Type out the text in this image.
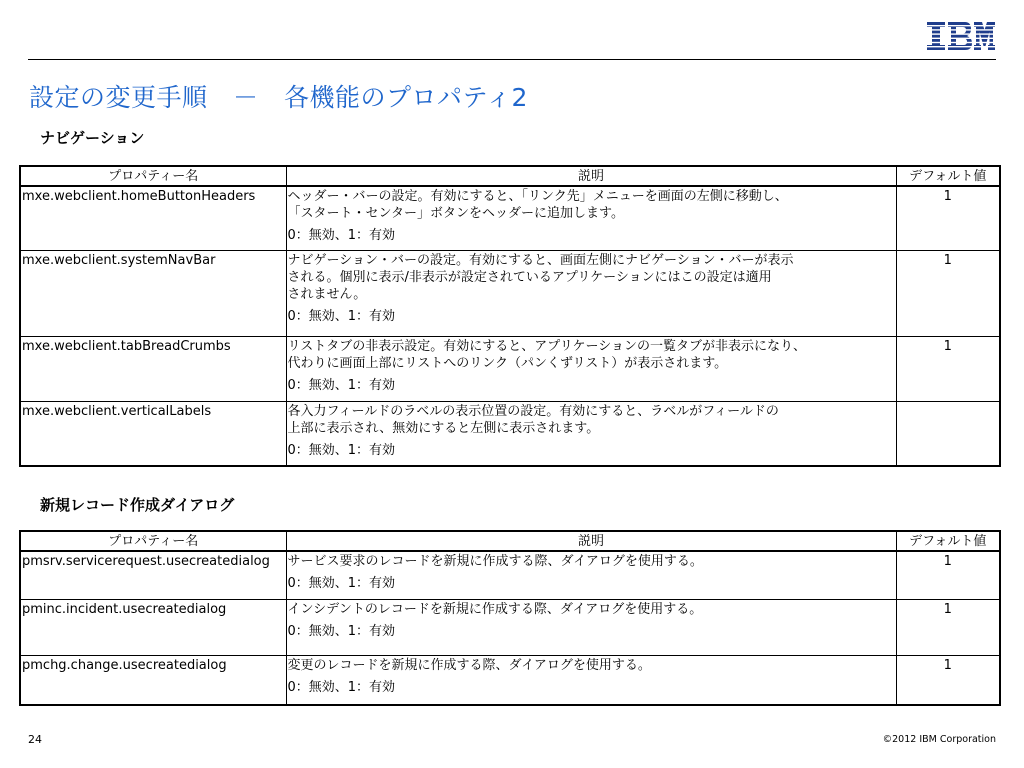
設定の変更手順　－　各機能のプロパティ2
ナビゲーション
プロパティー名	説明	デフォルト値
mxe.webclient.homeButtonHeaders	ヘッダー・バーの設定。有効にすると、「リンク先」メニューを画面の左側に移動し、
「スタート・センター」ボタンをヘッダーに追加します。
0：無効、1：有効	1
mxe.webclient.systemNavBar	ナビゲーション・バーの設定。有効にすると、画面左側にナビゲーション・バーが表示
される。個別に表示/非表示が設定されているアプリケーションにはこの設定は適用
されません。
0：無効、1：有効	1
mxe.webclient.tabBreadCrumbs	リストタブの非表示設定。有効にすると、アプリケーションの一覧タブが非表示になり、
代わりに画面上部にリストへのリンク（パンくずリスト）が表示されます。
0：無効、1：有効	1
mxe.webclient.verticalLabels	各入力フィールドのラベルの表示位置の設定。有効にすると、ラベルがフィールドの
上部に表示され、無効にすると左側に表示されます。
0：無効、1：有効	

新規レコード作成ダイアログ
プロパティー名	説明	デフォルト値
pmsrv.servicerequest.usecreatedialog	サービス要求のレコードを新規に作成する際、ダイアログを使用する。
0：無効、1：有効	1
pminc.incident.usecreatedialog	インシデントのレコードを新規に作成する際、ダイアログを使用する。
0：無効、1：有効	1
pmchg.change.usecreatedialog	変更のレコードを新規に作成する際、ダイアログを使用する。
0：無効、1：有効	1
24	©2012 IBM Corporation
